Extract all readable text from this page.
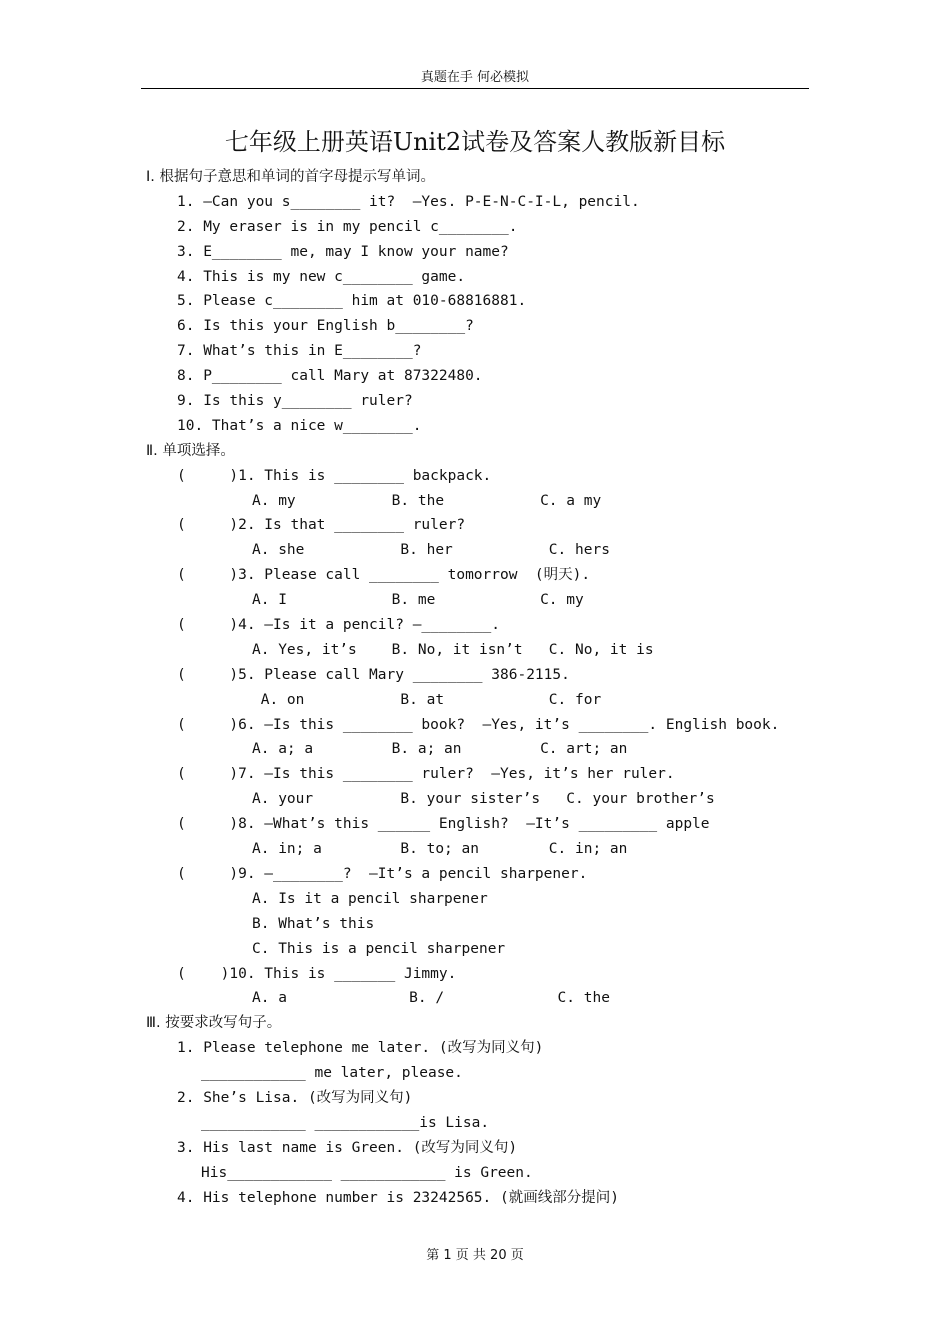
真题在手 何必模拟
七年级上册英语Unit2试卷及答案人教版新目标
Ⅰ. 根据句子意思和单词的首字母提示写单词。
1. —Can you s________ it?  —Yes. P-E-N-C-I-L, pencil.
2. My eraser is in my pencil c________.
3. E________ me, may I know your name?
4. This is my new c________ game.
5. Please c________ him at 010-68816881.
6. Is this your English b________?
7. What’s this in E________?
8. P________ call Mary at 87322480.
9. Is this y________ ruler?
10. That’s a nice w________.
Ⅱ. 单项选择。
(     )1. This is ________ backpack.
A. my           B. the           C. a my
(     )2. Is that ________ ruler?
A. she           B. her           C. hers
(     )3. Please call ________ tomorrow  (明天).
A. I            B. me            C. my
(     )4. —Is it a pencil? —________.
A. Yes, it’s    B. No, it isn’t   C. No, it is
(     )5. Please call Mary ________ 386-2115.
A. on           B. at            C. for
(     )6. —Is this ________ book?  —Yes, it’s ________. English book.
A. a; a         B. a; an         C. art; an
(     )7. —Is this ________ ruler?  —Yes, it’s her ruler.
A. your          B. your sister’s   C. your brother’s
(     )8. —What’s this ______ English?  —It’s _________ apple
A. in; a         B. to; an        C. in; an
(     )9. —________?  —It’s a pencil sharpener.
A. Is it a pencil sharpener
B. What’s this
C. This is a pencil sharpener
(    )10. This is _______ Jimmy.
A. a              B. /             C. the
Ⅲ. 按要求改写句子。
1. Please telephone me later. (改写为同义句)
____________ me later, please.
2. She’s Lisa. (改写为同义句)
____________ ____________is Lisa.
3. His last name is Green. (改写为同义句)
His____________ ____________ is Green.
4. His telephone number is 23242565. (就画线部分提问)
第 1 页 共 20 页
